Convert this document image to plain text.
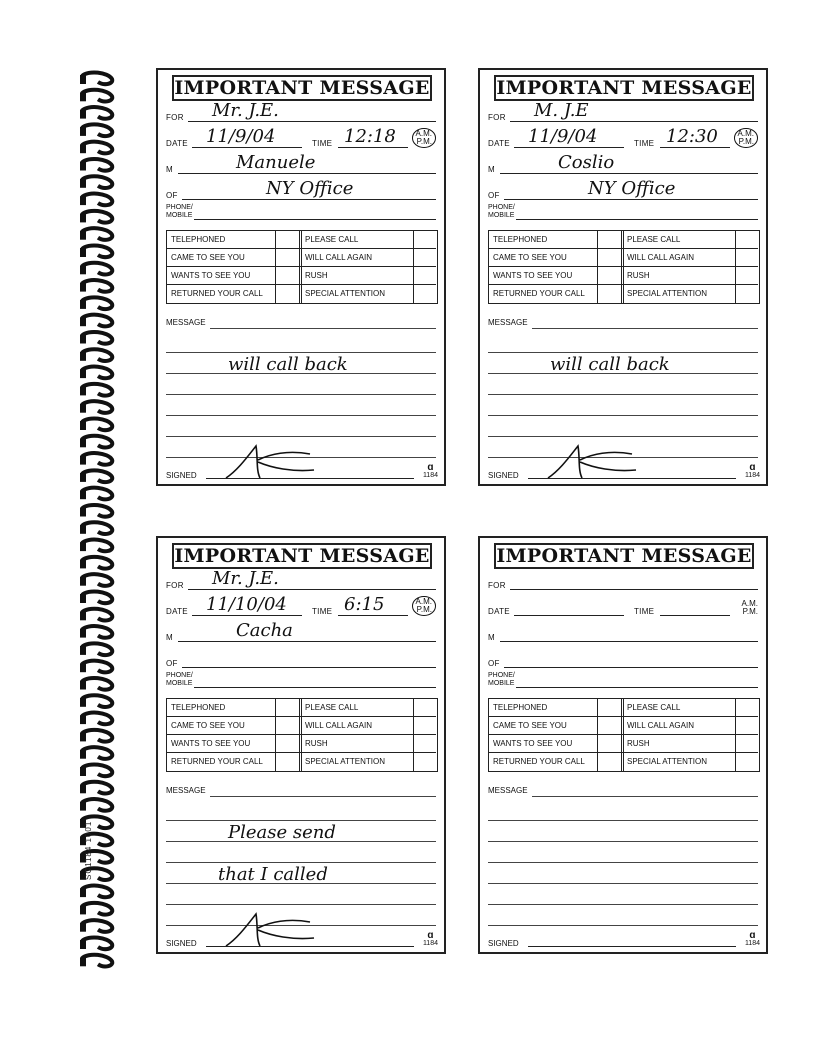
SC1184 1001
IMPORTANT MESSAGE
FOR Mr. J.E.
DATE 11/9/04	TIME 12:18 A.M.
P.M.
M	Manuele
OF	NY Office
PHONE/
MOBILE
TELEPHONED	PLEASE CALL
CAME TO SEE YOU	WILL CALL AGAIN
WANTS TO SEE YOU	RUSH
RETURNED YOUR CALL	SPECIAL ATTENTION
MESSAGE
will call back
SIGNED
ɑ
1184
IMPORTANT MESSAGE
FOR M. J.E
DATE 11/9/04	TIME 12:30 A.M.
P.M.
M	Coslio
OF	NY Office
PHONE/
MOBILE
TELEPHONED	PLEASE CALL
CAME TO SEE YOU	WILL CALL AGAIN
WANTS TO SEE YOU	RUSH
RETURNED YOUR CALL	SPECIAL ATTENTION
MESSAGE
will call back
SIGNED
ɑ
1184
IMPORTANT MESSAGE
FOR Mr. J.E.
DATE 11/10/04	TIME 6:15	A.M.
P.M.
M	Cacha
OF
PHONE/
MOBILE
TELEPHONED	PLEASE CALL
CAME TO SEE YOU	WILL CALL AGAIN
WANTS TO SEE YOU	RUSH
RETURNED YOUR CALL	SPECIAL ATTENTION
MESSAGE
Please send
that I called
SIGNED
ɑ
1184
IMPORTANT MESSAGE
FOR
DATE	TIME
A.M.
P.M.
M
OF
PHONE/
MOBILE
TELEPHONED	PLEASE CALL
CAME TO SEE YOU	WILL CALL AGAIN
WANTS TO SEE YOU	RUSH
RETURNED YOUR CALL	SPECIAL ATTENTION
MESSAGE
SIGNED
ɑ
1184
